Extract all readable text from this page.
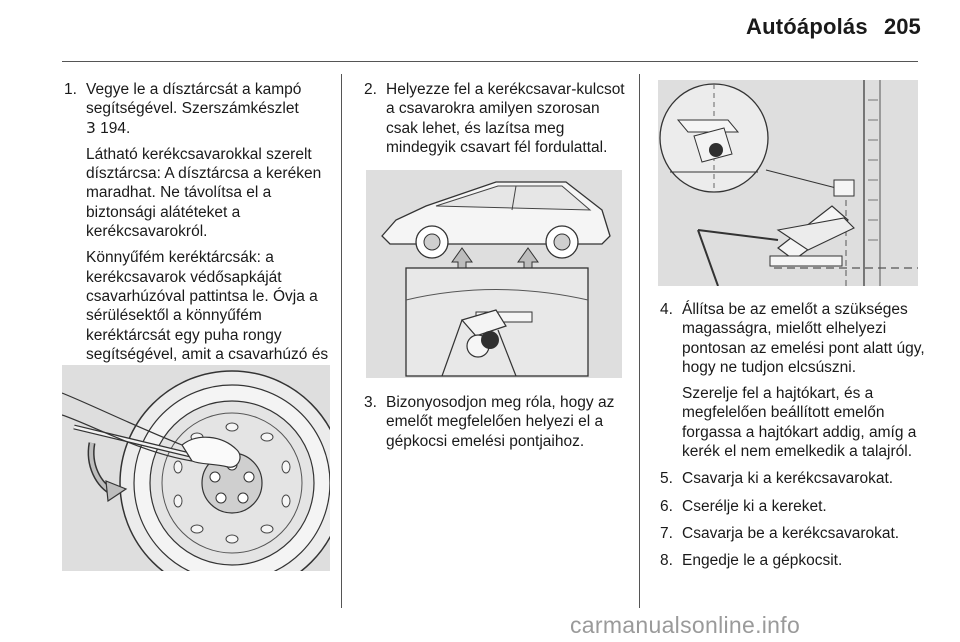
Autóápolás 205
1. Vegye le a dísztárcsát a kampó segítségével. Szerszámkészlet
3 194.
Látható kerékcsavarokkal szerelt dísztárcsa: A dísztárcsa a keréken maradhat. Ne távolítsa el a biztonsági alátéteket a kerékcsavarokról.
Könnyűfém keréktárcsák: a kerékcsavarok védősapkáját csavarhúzóval pattintsa le. Óvja a sérülésektől a könnyűfém keréktárcsát egy puha rongy segítségével, amit a csavarhúzó és
2. Helyezze fel a kerékcsavar-kulcsot a csavarokra amilyen szorosan csak lehet, és lazítsa meg mindegyik csavart fél fordulattal.
3. Bizonyosodjon meg róla, hogy az emelőt megfelelően helyezi el a gépkocsi emelési pontjaihoz.
4. Állítsa be az emelőt a szükséges magasságra, mielőtt elhelyezi pontosan az emelési pont alatt úgy, hogy ne tudjon elcsúszni.
Szerelje fel a hajtókart, és a megfelelően beállított emelőn forgassa a hajtókart addig, amíg a kerék el nem emelkedik a talajról.
5. Csavarja ki a kerékcsavarokat.
6. Cserélje ki a kereket.
7. Csavarja be a kerékcsavarokat.
8. Engedje le a gépkocsit.
carmanualsonline.info
